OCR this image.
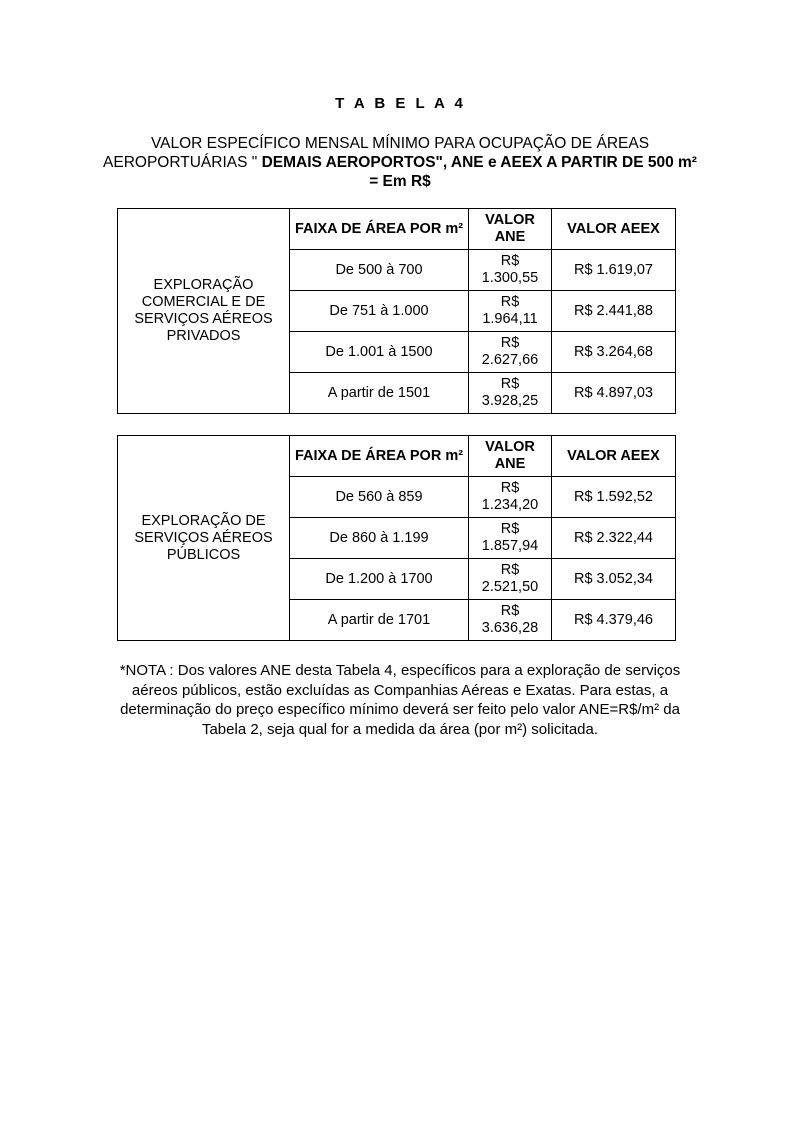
T A B E L A 4
VALOR ESPECÍFICO MENSAL MÍNIMO PARA OCUPAÇÃO DE ÁREAS AEROPORTUÁRIAS " DEMAIS AEROPORTOS", ANE e AEEX A PARTIR DE 500 m² = Em R$
EXPLORAÇÃO COMERCIAL E DE SERVIÇOS AÉREOS PRIVADOS	FAIXA DE ÁREA POR m²	VALOR ANE	VALOR AEEX
	De 500 à 700	R$ 1.300,55	R$ 1.619,07
	De 751 à 1.000	R$ 1.964,11	R$ 2.441,88
	De 1.001 à 1500	R$ 2.627,66	R$ 3.264,68
	A partir de 1501	R$ 3.928,25	R$ 4.897,03
EXPLORAÇÃO DE SERVIÇOS AÉREOS PÚBLICOS	FAIXA DE ÁREA POR m²	VALOR ANE	VALOR AEEX
	De 560 à 859	R$ 1.234,20	R$ 1.592,52
	De 860 à 1.199	R$ 1.857,94	R$ 2.322,44
	De 1.200 à 1700	R$ 2.521,50	R$ 3.052,34
	A partir de 1701	R$ 3.636,28	R$ 4.379,46
*NOTA : Dos valores ANE desta Tabela 4, específicos para a exploração de serviços aéreos públicos, estão excluídas as Companhias Aéreas e Exatas. Para estas, a determinação do preço específico mínimo deverá ser feito pelo valor ANE=R$/m² da Tabela 2, seja qual for a medida da área (por m²) solicitada.
